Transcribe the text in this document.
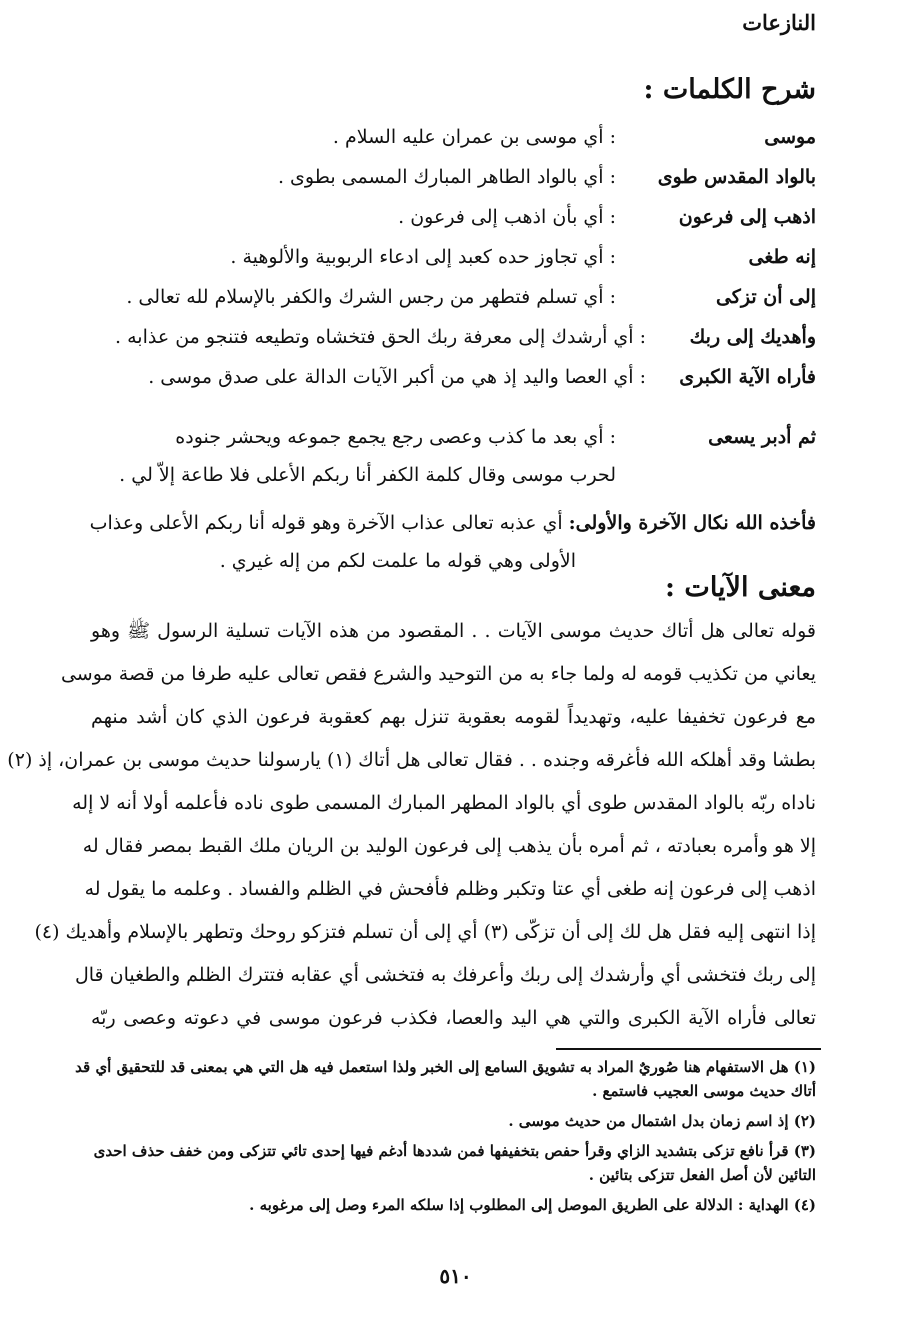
النازعات
شرح الكلمات :
موسى
: أي موسى بن عمران عليه السلام .
بالواد المقدس طوى
: أي بالواد الطاهر المبارك المسمى بطوى .
اذهب إلى فرعون
: أي بأن اذهب إلى فرعون .
إنه طغى
: أي تجاوز حده كعبد إلى ادعاء الربوبية والألوهية .
إلى أن تزكى
: أي تسلم فتطهر من رجس الشرك والكفر بالإسلام لله تعالى .
وأهديك إلى ربك
: أي أرشدك إلى معرفة ربك الحق فتخشاه وتطيعه فتنجو من عذابه .
فأراه الآية الكبرى
: أي العصا واليد إذ هي من أكبر الآيات الدالة على صدق موسى .
ثم أدبر يسعى  : أي بعد ما كذب وعصى رجع يجمع جموعه ويحشر جنوده
لحرب موسى وقال كلمة الكفر أنا ربكم الأعلى فلا طاعة إلاّ لي .
فأخذه الله نكال الآخرة والأولى: أي عذبه تعالى عذاب الآخرة وهو قوله أنا ربكم الأعلى وعذاب
الأولى وهي قوله ما علمت لكم من إله غيري .
معنى الآيات :
قوله تعالى هل أتاك حديث موسى الآيات . . المقصود من هذه الآيات تسلية الرسول ﷺ وهو
يعاني من تكذيب قومه له ولما جاء به من التوحيد والشرع فقص تعالى عليه طرفا من قصة موسى
مع فرعون تخفيفا عليه، وتهديداً لقومه بعقوبة تنزل بهم كعقوبة فرعون الذي كان أشد منهم
بطشا وقد أهلكه الله فأغرقه وجنده . . فقال تعالى هل أتاك (١) يارسولنا حديث موسى بن عمران، إذ (٢)
ناداه ربّه بالواد المقدس طوى أي بالواد المطهر المبارك المسمى طوى ناده فأعلمه أولا أنه لا إله
إلا هو وأمره بعبادته ، ثم أمره بأن يذهب إلى فرعون الوليد بن الريان ملك القبط بمصر فقال له
اذهب إلى فرعون إنه طغى أي عتا وتكبر وظلم فأفحش في الظلم والفساد . وعلمه ما يقول له
إذا انتهى إليه فقل هل لك إلى أن تزكّى (٣) أي إلى أن تسلم فتزكو روحك وتطهر بالإسلام وأهديك (٤)
إلى ربك فتخشى أي وأرشدك إلى ربك وأعرفك به فتخشى أي عقابه فتترك الظلم والطغيان قال
تعالى فأراه الآية الكبرى والتي هي اليد والعصا، فكذب فرعون موسى في دعوته وعصى ربّه
(١) هل الاستفهام هنا صُوريٌ المراد به تشويق السامع إلى الخبر ولذا استعمل فيه هل التي هي بمعنى قد للتحقيق أي قد
أتاك حديث موسى العجيب فاستمع .
(٢) إذ اسم زمان بدل اشتمال من حديث موسى .
(٣) قرأ نافع تزكى بتشديد الزاي وقرأ حفص بتخفيفها فمن شددها أدغم فيها إحدى تائي تتزكى ومن خفف حذف احدى
التائين لأن أصل الفعل تتزكى بتائين .
(٤) الهداية : الدلالة على الطريق الموصل إلى المطلوب إذا سلكه المرء وصل إلى مرغوبه .
٥١٠
